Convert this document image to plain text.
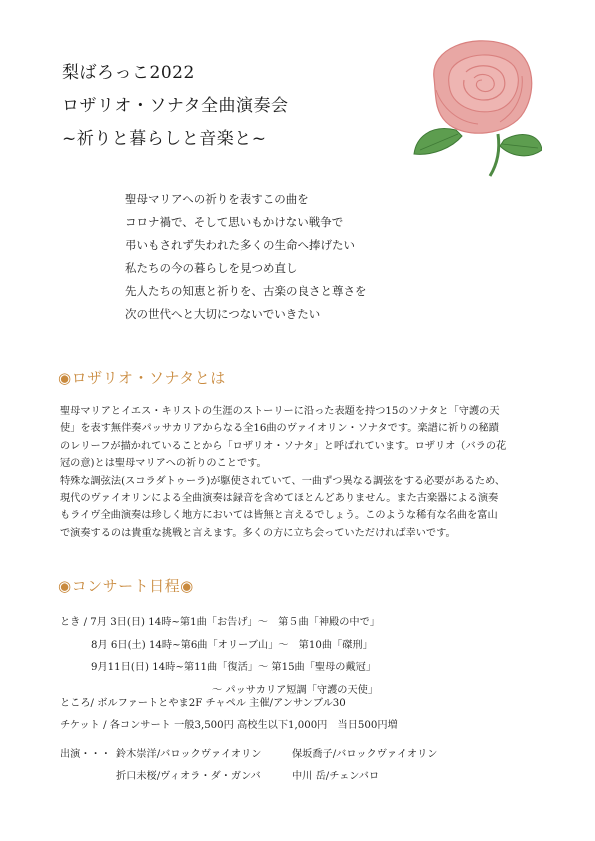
梨ばろっこ2022
ロザリオ・ソナタ全曲演奏会
~祈りと暮らしと音楽と~
聖母マリアへの祈りを表すこの曲を
コロナ禍で、そして思いもかけない戦争で
弔いもされず失われた多くの生命へ捧げたい
私たちの今の暮らしを見つめ直し
先人たちの知恵と祈りを、古楽の良さと尊さを
次の世代へと大切につないでいきたい
◉ロザリオ・ソナタとは
聖母マリアとイエス・キリストの生涯のストーリーに沿った表題を持つ15のソナタと「守護の天
使」を表す無伴奏パッサカリアからなる全16曲のヴァイオリン・ソナタです。楽譜に祈りの秘蹟
のレリーフが描かれていることから「ロザリオ・ソナタ」と呼ばれています。ロザリオ（バラの花
冠の意)とは聖母マリアへの祈りのことです。
特殊な調弦法(スコラダトゥーラ)が駆使されていて、一曲ずつ異なる調弦をする必要があるため、
現代のヴァイオリンによる全曲演奏は録音を含めてほとんどありません。また古楽器による演奏
もライヴ全曲演奏は珍しく地方においては皆無と言えるでしょう。このような稀有な名曲を富山
で演奏するのは貴重な挑戦と言えます。多くの方に立ち会っていただければ幸いです。
◉コンサート日程◉
とき / 7月 3日(日) 14時~第1曲「お告げ」〜　第５曲「神殿の中で」
8月 6日(土) 14時~第6曲「オリーブ山」〜　第10曲「磔刑」
9月11日(日) 14時~第11曲「復活」〜 第15曲「聖母の戴冠」
〜 パッサカリア短調「守護の天使」
ところ/ ボルファートとやま2F チャペル 主催/アンサンブル30
チケット / 各コンサート 一般3,500円 高校生以下1,000円　当日500円増
出演・・・ 鈴木崇洋/バロックヴァイオリン	保坂喬子/バロックヴァイオリン
折口未桜/ヴィオラ・ダ・ガンバ	中川 岳/チェンバロ
